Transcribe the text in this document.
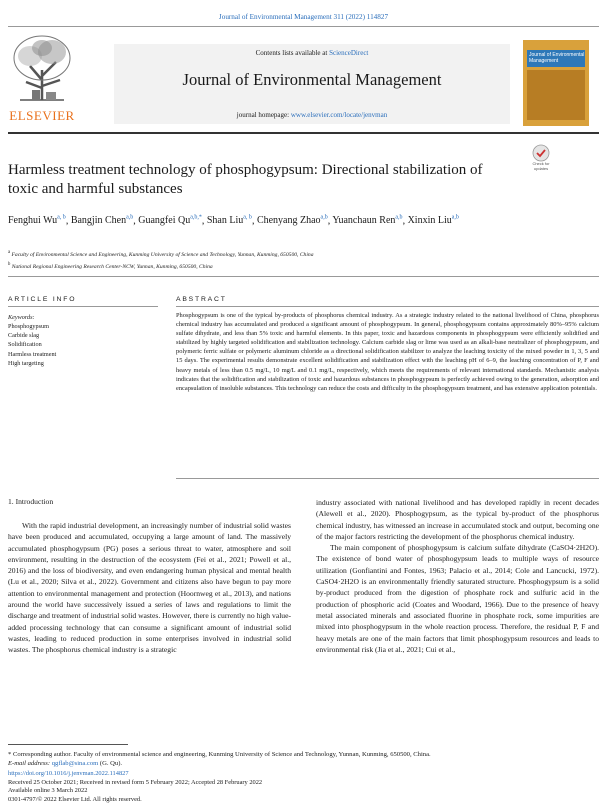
Journal of Environmental Management 311 (2022) 114827
ELSEVIER
Contents lists available at ScienceDirect
Journal of Environmental Management
journal homepage: www.elsevier.com/locate/jenvman
Journal of Environmental Management
Harmless treatment technology of phosphogypsum: Directional stabilization of toxic and harmful substances
Check for updates
Fenghui Wu$^{a, b}$, Bangjin Chen$^{a,b}$, Guangfei $Qu^{a,b,*}$, Shan Liu$^{a, b}$, Chenyang Zhao$^{a,b}$, Yuanchaun Ren$^{a,b}$, Xinxin Liu$^{a,b}$
$^a$ Faculty of Environmental Science and Engineering, Kunming University of Science and Technology, Yunnan, Kunming, 650500, China
$^b$ National Regional Engineering Research Center-NCW, Yunnan, Kunming, 650500, China
ARTICLE INFO
Keywords:
Phosphogypsum
Carbide slag
Solidification
Harmless treatment
High targeting
ABSTRACT
Phosphogypsum is one of the typical by-products of phosphorus chemical industry. As a strategic industry related to the national livelihood of China, phosphorus chemical industry has accumulated and produced a significant amount of phosphogypsum. In general, phosphogypsum contains approximately 80%–95% calcium sulfate dihydrate, and less than 5% toxic and harmful elements. In this paper, toxic and hazardous components in phosphogypsum were efficiently solidified and stabilized by highly targeted solidification and stabilization technology. Calcium carbide slag or lime was used as an alkali-base neutralizer of phosphogypsum, and polymeric ferric sulfate or polymeric aluminum chloride as a directional solidification stabilizer to analyze the leaching toxicity of the mixed powder in 1, 3, 5 and 15 days. The experimental results demonstrate excellent solidification and stabilization effect with the leaching pH of 6–9, the leaching concentration of P, F and heavy metals of less than 0.5 mg/L, 10 mg/L and 0.1 mg/L, respectively, which meets the requirements of relevant international standards. Mechanistic analysis indicates that the solidification and stabilization of toxic and hazardous substances in phosphogypsum is perfectly achieved owing to the generation, adsorption and encapsulation of insoluble substances. This technology can reduce the costs and difficulty in the phosphogypsum treatment, and has extensive application potentials.
1. Introduction

With the rapid industrial development, an increasingly number of industrial solid wastes have been produced and accumulated, occupying a large amount of land. The massively accumulated phosphogypsum (PG) poses a serious threat to water, atmosphere and soil environment, resulting in the destruction of the ecosystem (Fei et al., 2021; Powell et al., 2016) and the loss of biodiversity, and even endangering human physical and mental health (Lu et al., 2020; Silva et al., 2022). Government and citizens also have begun to pay more attention to environmental management and protection (Hoornweg et al., 2013), and nations around the world have successively issued a series of laws and regulations to limit the discharge and treatment of industrial solid wastes. However, there is currently no high value-added processing technology that can consume a significant amount of industrial solid wastes, leading to reduced production in some enterprises involved in industrial solid wastes. The phosphorus chemical industry is a strategic

industry associated with national livelihood and has developed rapidly in recent decades (Alewell et al., 2020). Phosphogypsum, as the typical by-product of the phosphorus chemical industry, has witnessed an increase in accumulated stock and output, becoming one of the major factors restricting the development of the phosphorus chemical industry.

The main component of phosphogypsum is calcium sulfate dihydrate (CaSO4·2H2O). The existence of bond water of phosphogypsum leads to multiple ways of resource utilization (Gonfiantini and Fontes, 1963; Palacio et al., 2014; Cole and Lancucki, 1972). CaSO4·2H2O is an environmentally friendly saturated structure. Phosphogypsum is a solid by-product produced from the digestion of phosphate rock and sulfuric acid in the production of phosphoric acid (Coates and Woodard, 1966). Due to the presence of heavy metal associated minerals and associated fluorine in phosphate rock, some impurities are mixed into phosphogypsum in the whole reaction process. Therefore, the residual P, F and heavy metals are one of the main factors that limit phosphogypsum resources and leads to environmental risk (Jia et al., 2021; Cui et al.,

* Corresponding author. Faculty of environmental science and engineering, Kunming University of Science and Technology, Yunnan, Kunming, 650500, China.
E-mail address: qgflab@sina.com (G. Qu).
https://doi.org/10.1016/j.jenvman.2022.114827
Received 25 October 2021; Received in revised form 5 February 2022; Accepted 28 February 2022
Available online 3 March 2022
0301-4797/© 2022 Elsevier Ltd. All rights reserved.
